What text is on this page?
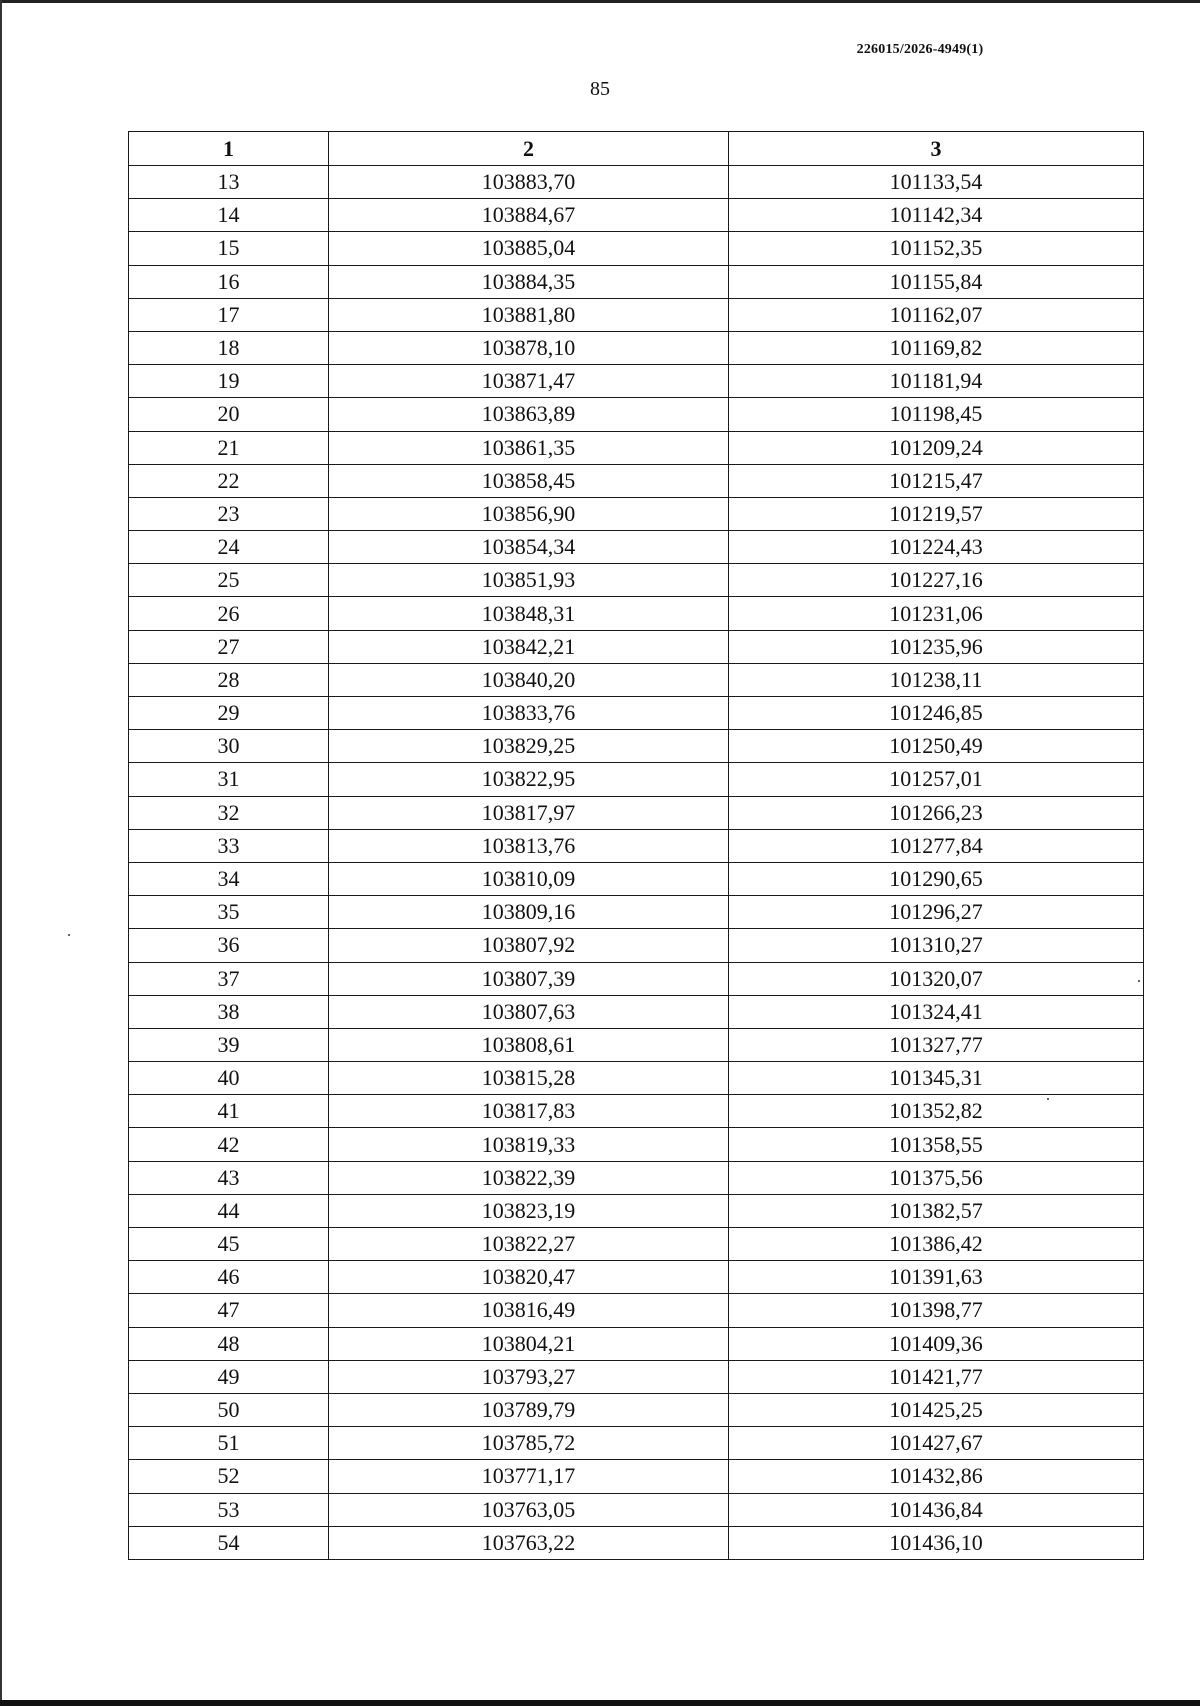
226015/2026-4949(1)
85
1	2	3
13	103883,70	101133,54
14	103884,67	101142,34
15	103885,04	101152,35
16	103884,35	101155,84
17	103881,80	101162,07
18	103878,10	101169,82
19	103871,47	101181,94
20	103863,89	101198,45
21	103861,35	101209,24
22	103858,45	101215,47
23	103856,90	101219,57
24	103854,34	101224,43
25	103851,93	101227,16
26	103848,31	101231,06
27	103842,21	101235,96
28	103840,20	101238,11
29	103833,76	101246,85
30	103829,25	101250,49
31	103822,95	101257,01
32	103817,97	101266,23
33	103813,76	101277,84
34	103810,09	101290,65
35	103809,16	101296,27
36	103807,92	101310,27
37	103807,39	101320,07
38	103807,63	101324,41
39	103808,61	101327,77
40	103815,28	101345,31
41	103817,83	101352,82
42	103819,33	101358,55
43	103822,39	101375,56
44	103823,19	101382,57
45	103822,27	101386,42
46	103820,47	101391,63
47	103816,49	101398,77
48	103804,21	101409,36
49	103793,27	101421,77
50	103789,79	101425,25
51	103785,72	101427,67
52	103771,17	101432,86
53	103763,05	101436,84
54	103763,22	101436,10
